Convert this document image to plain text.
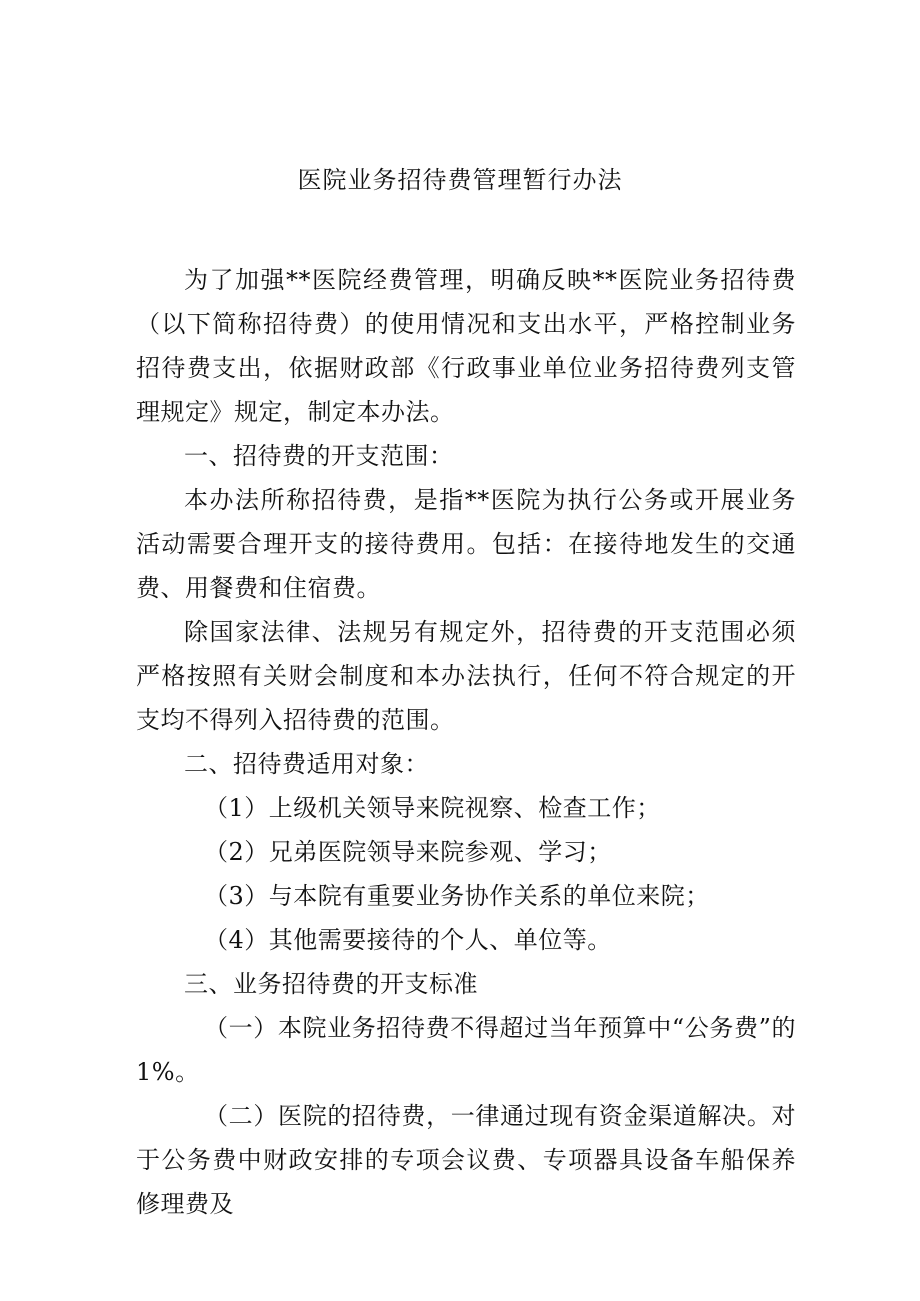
医院业务招待费管理暂行办法

为了加强**医院经费管理，明确反映**医院业务招待费（以下简称招待费）的使用情况和支出水平，严格控制业务招待费支出，依据财政部《行政事业单位业务招待费列支管理规定》规定，制定本办法。

一、招待费的开支范围：

本办法所称招待费，是指**医院为执行公务或开展业务活动需要合理开支的接待费用。包括：在接待地发生的交通费、用餐费和住宿费。

除国家法律、法规另有规定外，招待费的开支范围必须严格按照有关财会制度和本办法执行，任何不符合规定的开支均不得列入招待费的范围。

二、招待费适用对象：

（1）上级机关领导来院视察、检查工作；

（2）兄弟医院领导来院参观、学习；

（3）与本院有重要业务协作关系的单位来院；

（4）其他需要接待的个人、单位等。

三、业务招待费的开支标准

（一）本院业务招待费不得超过当年预算中“公务费”的1%。

（二）医院的招待费，一律通过现有资金渠道解决。对于公务费中财政安排的专项会议费、专项器具设备车船保养修理费及
